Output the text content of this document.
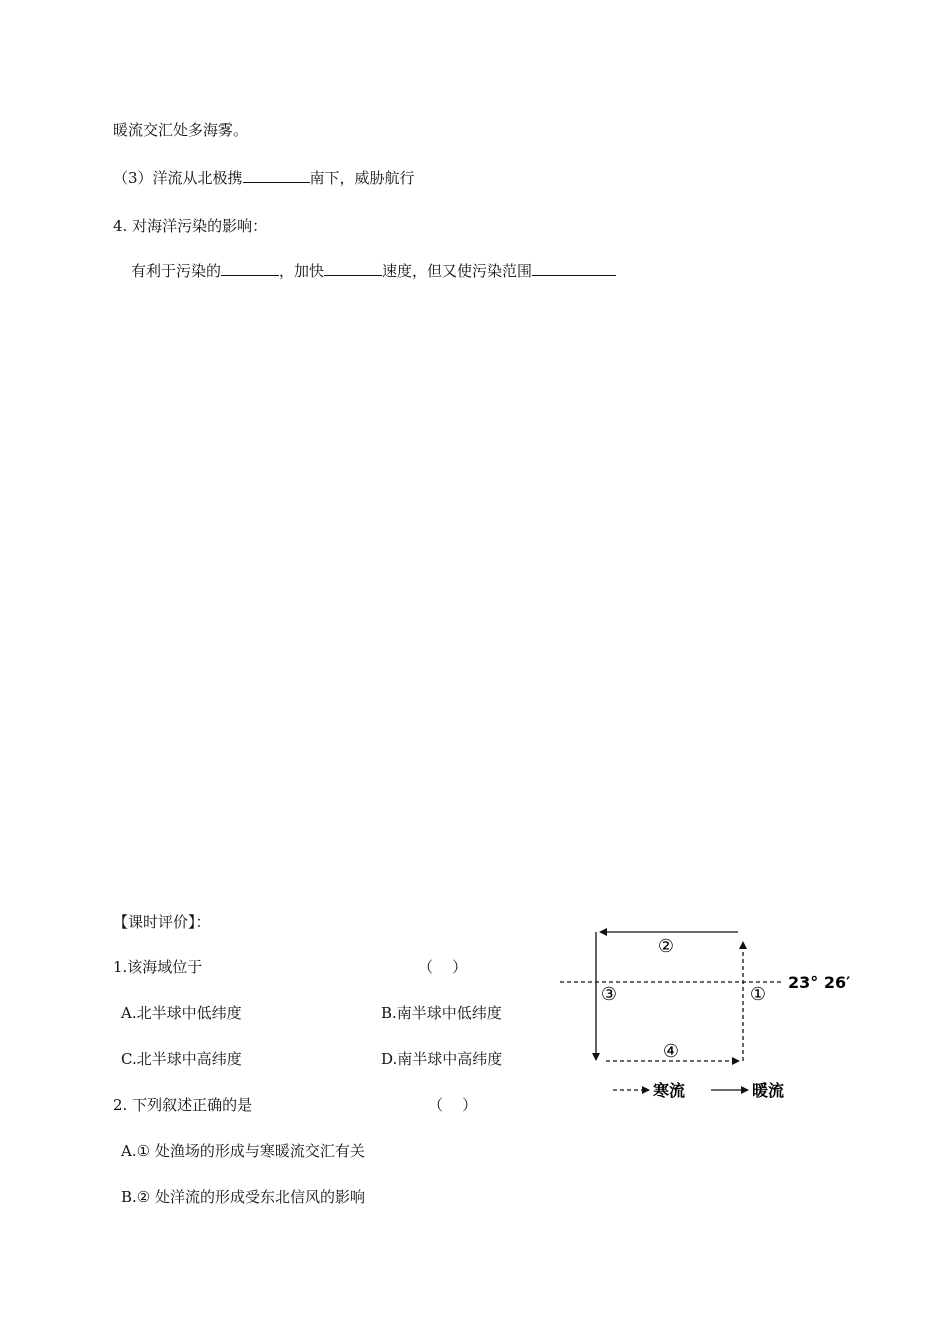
暖流交汇处多海雾。
（3）洋流从北极携	南下，威胁航行
4. 对海洋污染的影响：
有利于污染的	，加快	速度，但又使污染范围
【课时评价】：
1.该海域位于	（    ）
A.北半球中低纬度	B.南半球中低纬度
C.北半球中高纬度	D.南半球中高纬度
2. 下列叙述正确的是	（    ）
A.① 处渔场的形成与寒暖流交汇有关
B.② 处洋流的形成受东北信风的影响
②
③	①
④
23° 26′
寒流	暖流
